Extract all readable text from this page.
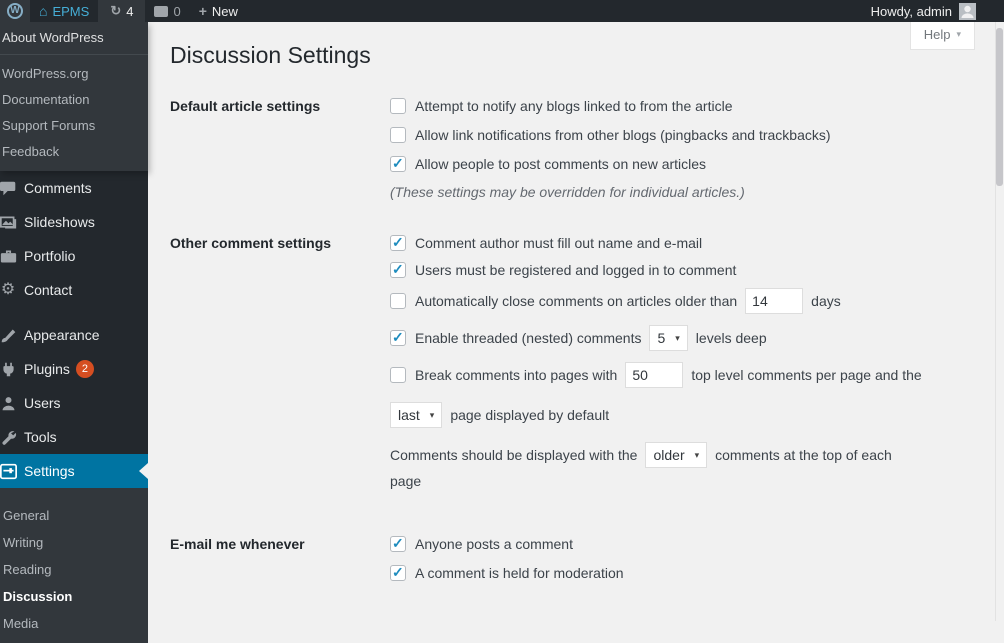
W ⌂ EPMS ↻ 4	0 + New	Howdy, admin
About WordPress
WordPress.org
Documentation
Support Forums
Feedback
Comments
Slideshows
Portfolio
⚙ Contact
Appearance
Plugins	2
Users
Tools
Settings
General
Writing
Reading
Discussion
Media
Help ▾
Discussion Settings
Default article settings	Attempt to notify any blogs linked to from the article
Allow link notifications from other blogs (pingbacks and trackbacks)
✓
Allow people to post comments on new articles
(These settings may be overridden for individual articles.)
Other comment settings ✓	Comment author must fill out name and e-mail
✓
Users must be registered and logged in to comment
Automatically close comments on articles older than
14	days
✓
Enable threaded (nested) comments 5 ▾ levels deep
Break comments into pages with
50	top level comments per page and the
last ▾ page displayed by default
Comments should be displayed with the older ▾ comments at the top of each
page
E-mail me whenever ✓	Anyone posts a comment
✓
A comment is held for moderation
